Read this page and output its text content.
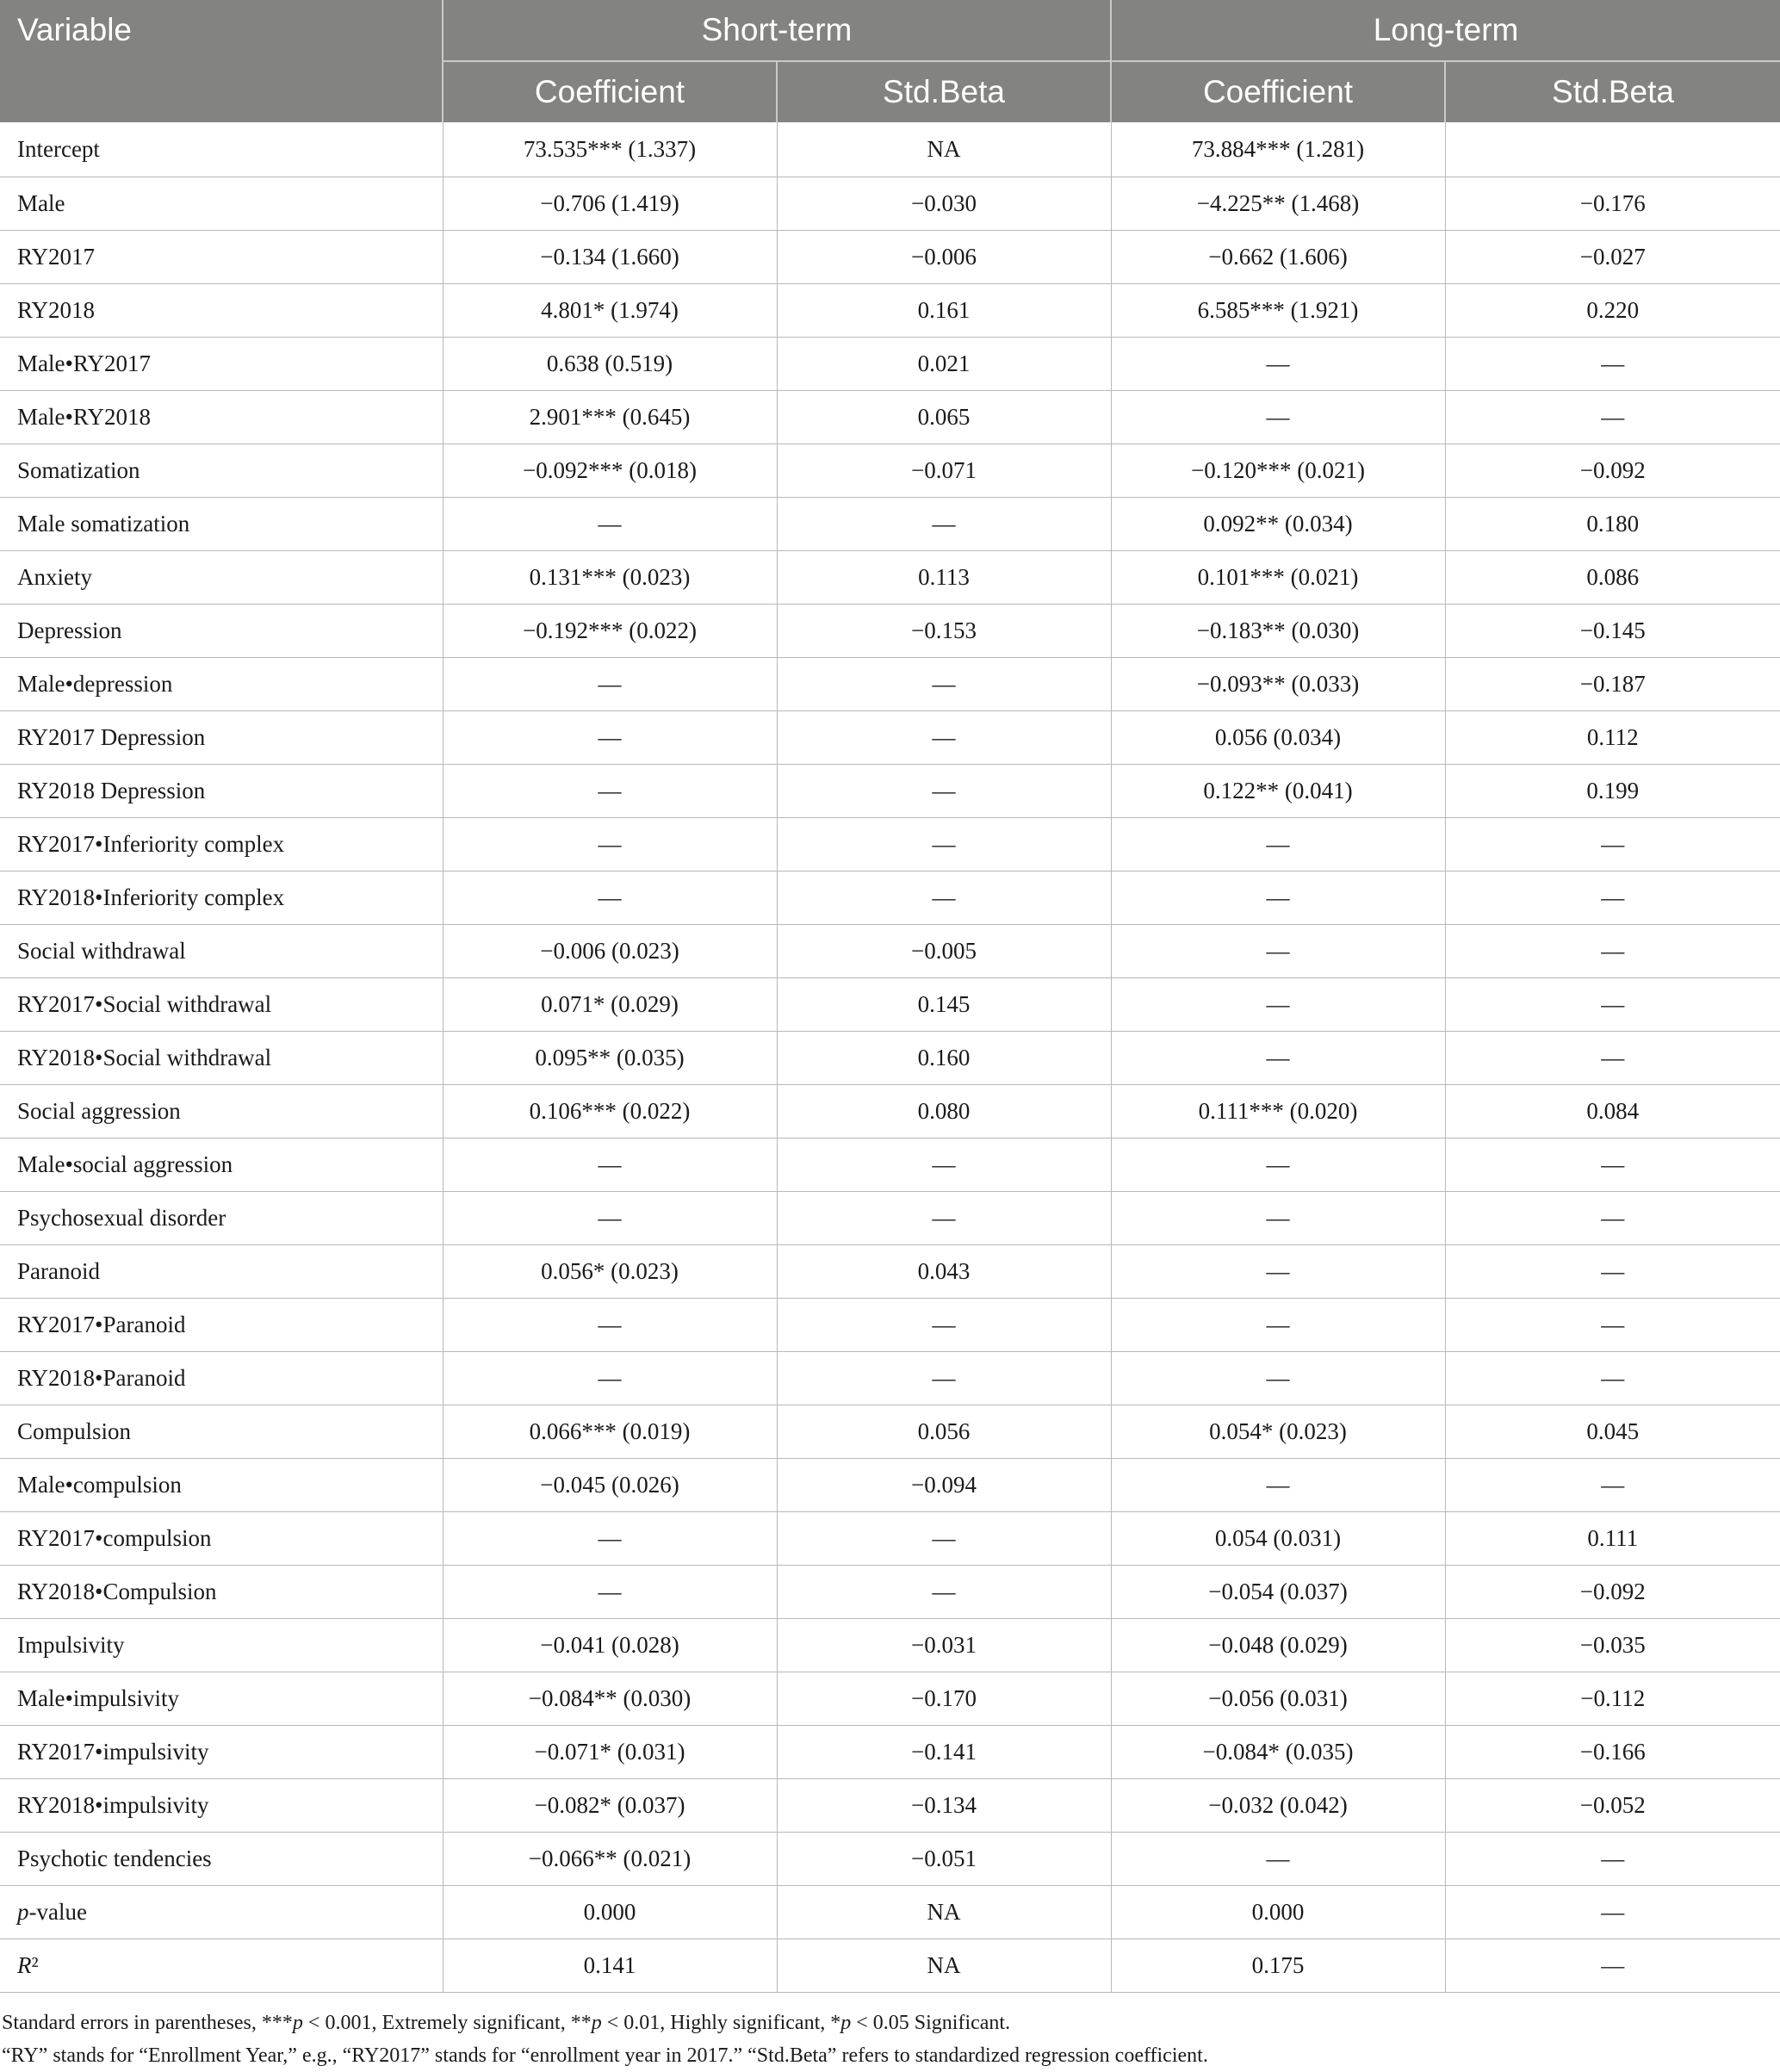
Variable	Short-term		Long-term	
	Coefficient	Std.Beta	Coefficient	Std.Beta
Intercept	73.535*** (1.337)	NA	73.884*** (1.281)	
Male	−0.706 (1.419)	−0.030	−4.225** (1.468)	−0.176
RY2017	−0.134 (1.660)	−0.006	−0.662 (1.606)	−0.027
RY2018	4.801* (1.974)	0.161	6.585*** (1.921)	0.220
Male•RY2017	0.638 (0.519)	0.021	—	—
Male•RY2018	2.901*** (0.645)	0.065	—	—
Somatization	−0.092*** (0.018)	−0.071	−0.120*** (0.021)	−0.092
Male somatization	—	—	0.092** (0.034)	0.180
Anxiety	0.131*** (0.023)	0.113	0.101*** (0.021)	0.086
Depression	−0.192*** (0.022)	−0.153	−0.183** (0.030)	−0.145
Male•depression	—	—	−0.093** (0.033)	−0.187
RY2017 Depression	—	—	0.056 (0.034)	0.112
RY2018 Depression	—	—	0.122** (0.041)	0.199
RY2017•Inferiority complex	—	—	—	—
RY2018•Inferiority complex	—	—	—	—
Social withdrawal	−0.006 (0.023)	−0.005	—	—
RY2017•Social withdrawal	0.071* (0.029)	0.145	—	—
RY2018•Social withdrawal	0.095** (0.035)	0.160	—	—
Social aggression	0.106*** (0.022)	0.080	0.111*** (0.020)	0.084
Male•social aggression	—	—	—	—
Psychosexual disorder	—	—	—	—
Paranoid	0.056* (0.023)	0.043	—	—
RY2017•Paranoid	—	—	—	—
RY2018•Paranoid	—	—	—	—
Compulsion	0.066*** (0.019)	0.056	0.054* (0.023)	0.045
Male•compulsion	−0.045 (0.026)	−0.094	—	—
RY2017•compulsion	—	—	0.054 (0.031)	0.111
RY2018•Compulsion	—	—	−0.054 (0.037)	−0.092
Impulsivity	−0.041 (0.028)	−0.031	−0.048 (0.029)	−0.035
Male•impulsivity	−0.084** (0.030)	−0.170	−0.056 (0.031)	−0.112
RY2017•impulsivity	−0.071* (0.031)	−0.141	−0.084* (0.035)	−0.166
RY2018•impulsivity	−0.082* (0.037)	−0.134	−0.032 (0.042)	−0.052
Psychotic tendencies	−0.066** (0.021)	−0.051	—	—
p-value	0.000	NA	0.000	—
R²	0.141	NA	0.175	—

Standard errors in parentheses, ***p < 0.001, Extremely significant, **p < 0.01, Highly significant, *p < 0.05 Significant.

“RY” stands for “Enrollment Year,” e.g., “RY2017” stands for “enrollment year in 2017.” “Std.Beta” refers to standardized regression coefficient.
